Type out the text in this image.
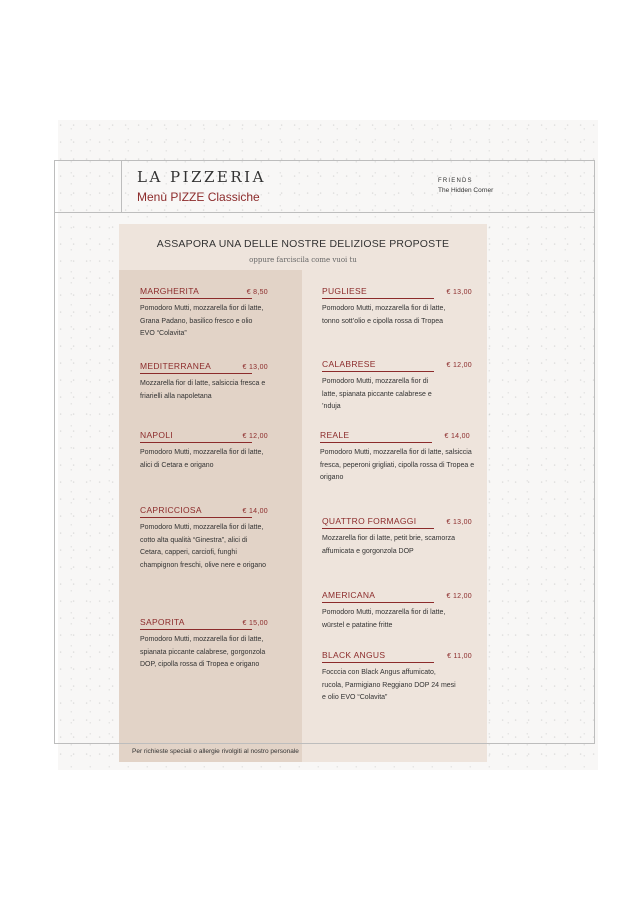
LA PIZZERIA
Menù PIZZE Classiche
FRIENDS
The Hidden Corner
ASSAPORA UNA DELLE NOSTRE DELIZIOSE PROPOSTE
oppure farciscila come vuoi tu
MARGHERITA	€ 8,50
Pomodoro Mutti, mozzarella fior di latte, Grana Padano, basilico fresco e olio EVO “Colavita”
MEDITERRANEA	€ 13,00
Mozzarella fior di latte, salsiccia fresca e friarielli alla napoletana
NAPOLI	€ 12,00
Pomodoro Mutti, mozzarella fior di latte, alici di Cetara e origano
CAPRICCIOSA	€ 14,00
Pomodoro Mutti, mozzarella fior di latte, cotto alta qualità “Ginestra”, alici di Cetara, capperi, carciofi, funghi champignon freschi, olive nere e origano
SAPORITA	€ 15,00
Pomodoro Mutti, mozzarella fior di latte, spianata piccante calabrese, gorgonzola DOP, cipolla rossa di Tropea e origano
PUGLIESE	€ 13,00
Pomodoro Mutti, mozzarella fior di latte, tonno sott’olio e cipolla rossa di Tropea
CALABRESE	€ 12,00
Pomodoro Mutti, mozzarella fior di latte, spianata piccante calabrese e ’nduja
REALE	€ 14,00
Pomodoro Mutti, mozzarella fior di latte, salsiccia fresca, peperoni grigliati, cipolla rossa di Tropea e origano
QUATTRO FORMAGGI	€ 13,00
Mozzarella fior di latte, petit brie, scamorza affumicata e gorgonzola DOP
AMERICANA	€ 12,00
Pomodoro Mutti, mozzarella fior di latte, würstel e patatine fritte
BLACK ANGUS	€ 11,00
Focccia con Black Angus affumicato, rucola, Parmigiano Reggiano DOP 24 mesi e olio EVO “Colavita”
Per richieste speciali o allergie rivolgiti al nostro personale
